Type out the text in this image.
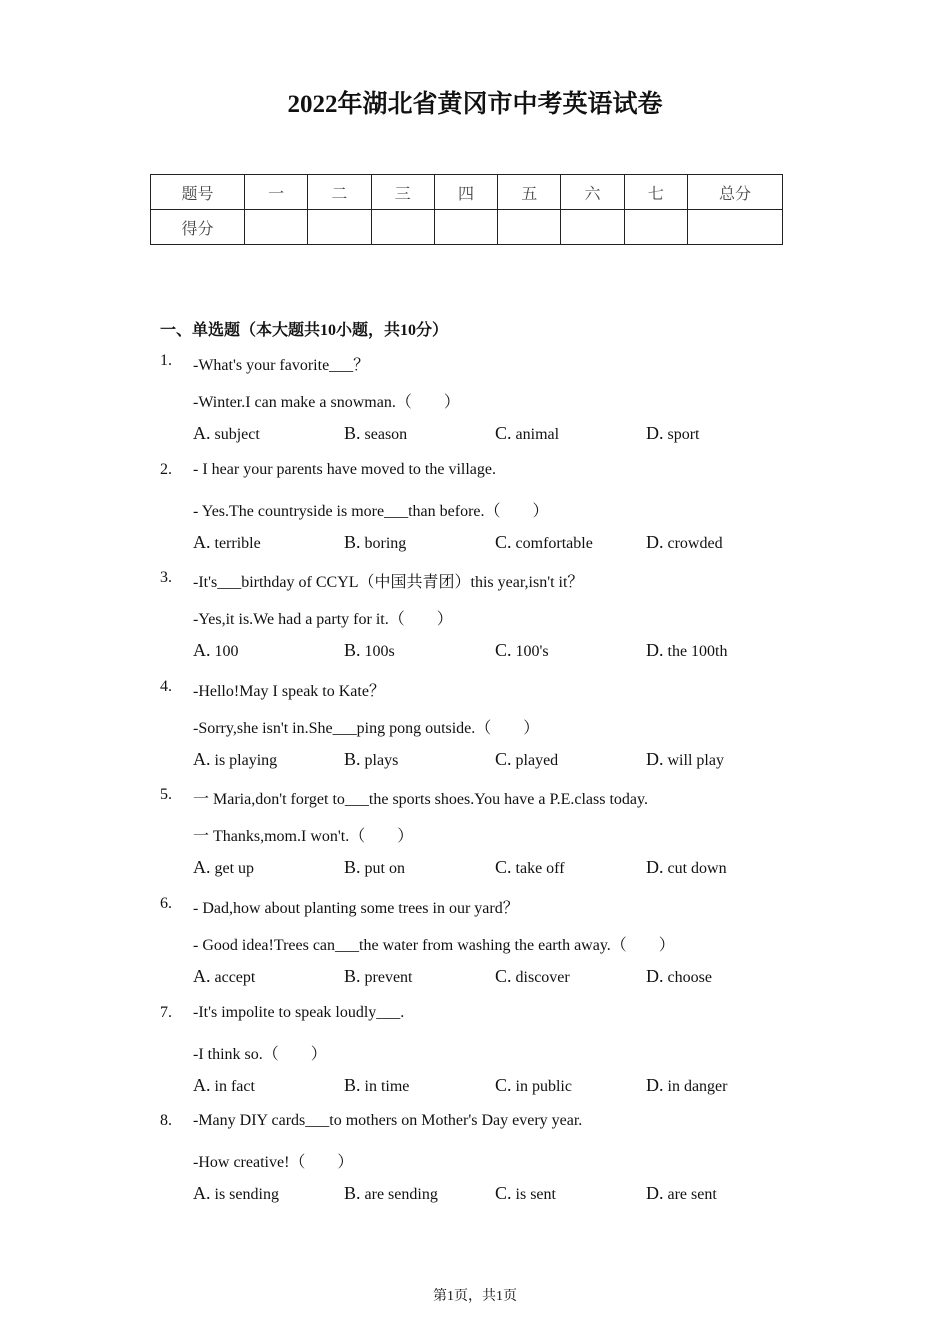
2022年湖北省黄冈市中考英语试卷
题号	一	二	三	四	五	六	七	总分
得分								
一、单选题（本大题共10小题，共10分）
1. -What's your favorite___？
-Winter.I can make a snowman.（　　）
A. subject	B. season	C. animal	D. sport
2. - I hear your parents have moved to the village.
- Yes.The countryside is more___than before.（　　）
A. terrible	B. boring	C. comfortable	D. crowded
3. -It's___birthday of CCYL（中国共青团）this year,isn't it？
-Yes,it is.We had a party for it.（　　）
A. 100	B. 100s	C. 100's	D. the 100th
4. -Hello!May I speak to Kate？
-Sorry,she isn't in.She___ping pong outside.（　　）
A. is playing	B. plays	C. played	D. will play
5. 一 Maria,don't forget to___the sports shoes.You have a P.E.class today.
一 Thanks,mom.I won't.（　　）
A. get up	B. put on	C. take off	D. cut down
6. - Dad,how about planting some trees in our yard？
- Good idea!Trees can___the water from washing the earth away.（　　）
A. accept	B. prevent	C. discover	D. choose
7. -It's impolite to speak loudly___.
-I think so.（　　）
A. in fact	B. in time	C. in public	D. in danger
8. -Many DIY cards___to mothers on Mother's Day every year.
-How creative!（　　）
A. is sending	B. are sending	C. is sent	D. are sent
第1页，共1页
